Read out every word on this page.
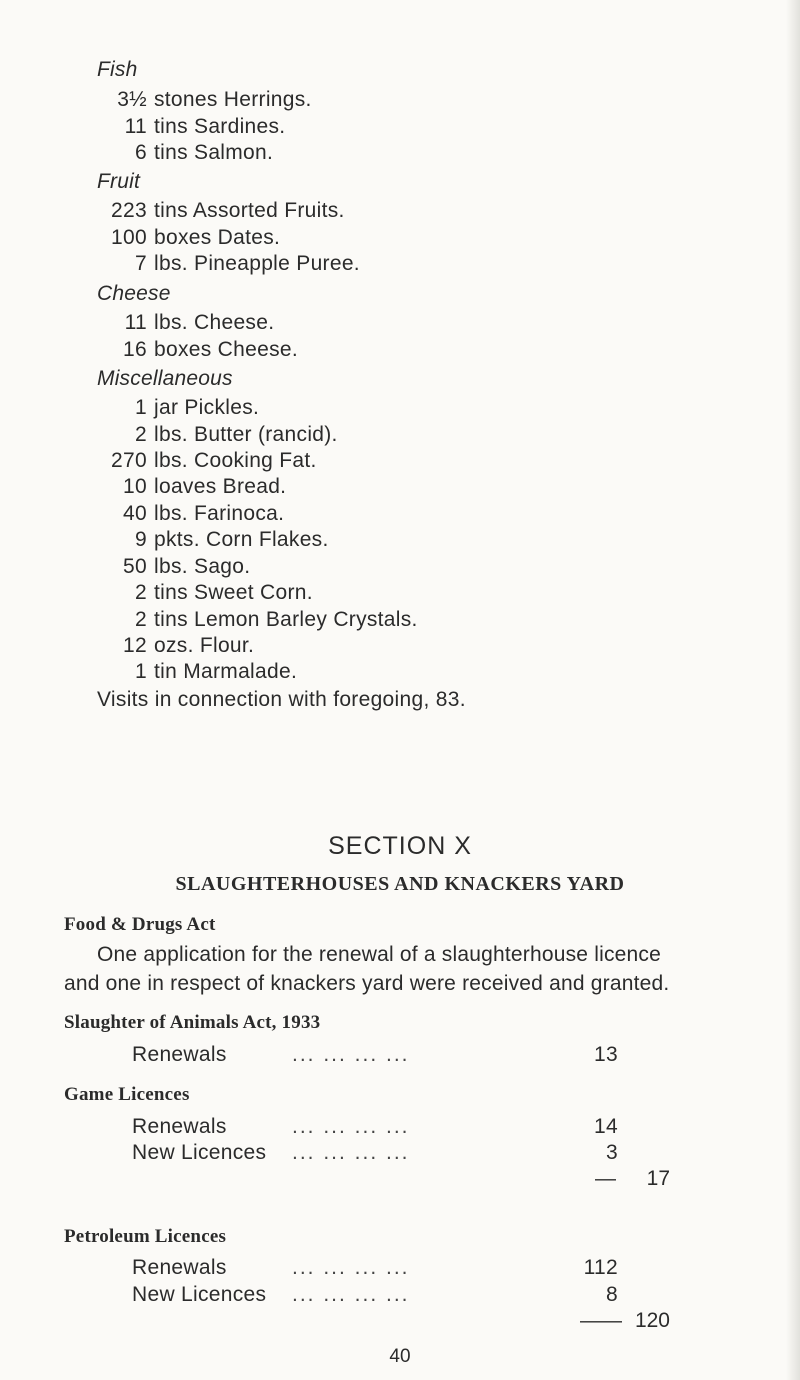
Fish
3½ stones Herrings.
11 tins Sardines.
6 tins Salmon.
Fruit
223 tins Assorted Fruits.
100 boxes Dates.
7 lbs. Pineapple Puree.
Cheese
11 lbs. Cheese.
16 boxes Cheese.
Miscellaneous
1 jar Pickles.
2 lbs. Butter (rancid).
270 lbs. Cooking Fat.
10 loaves Bread.
40 lbs. Farinoca.
9 pkts. Corn Flakes.
50 lbs. Sago.
2 tins Sweet Corn.
2 tins Lemon Barley Crystals.
12 ozs. Flour.
1 tin Marmalade.
Visits in connection with foregoing, 83.
SECTION X
SLAUGHTERHOUSES AND KNACKERS YARD
Food & Drugs Act
One application for the renewal of a slaughterhouse licence
and one in respect of knackers yard were received and granted.
Slaughter of Animals Act, 1933
Renewals	... ... ... ...	13
Game Licences
Renewals	... ... ... ...	14
New Licences ... ... ... ...	3
— 17
Petroleum Licences
Renewals	... ... ... ...	112
New Licences ... ... ... ...	8
—— 120
40
